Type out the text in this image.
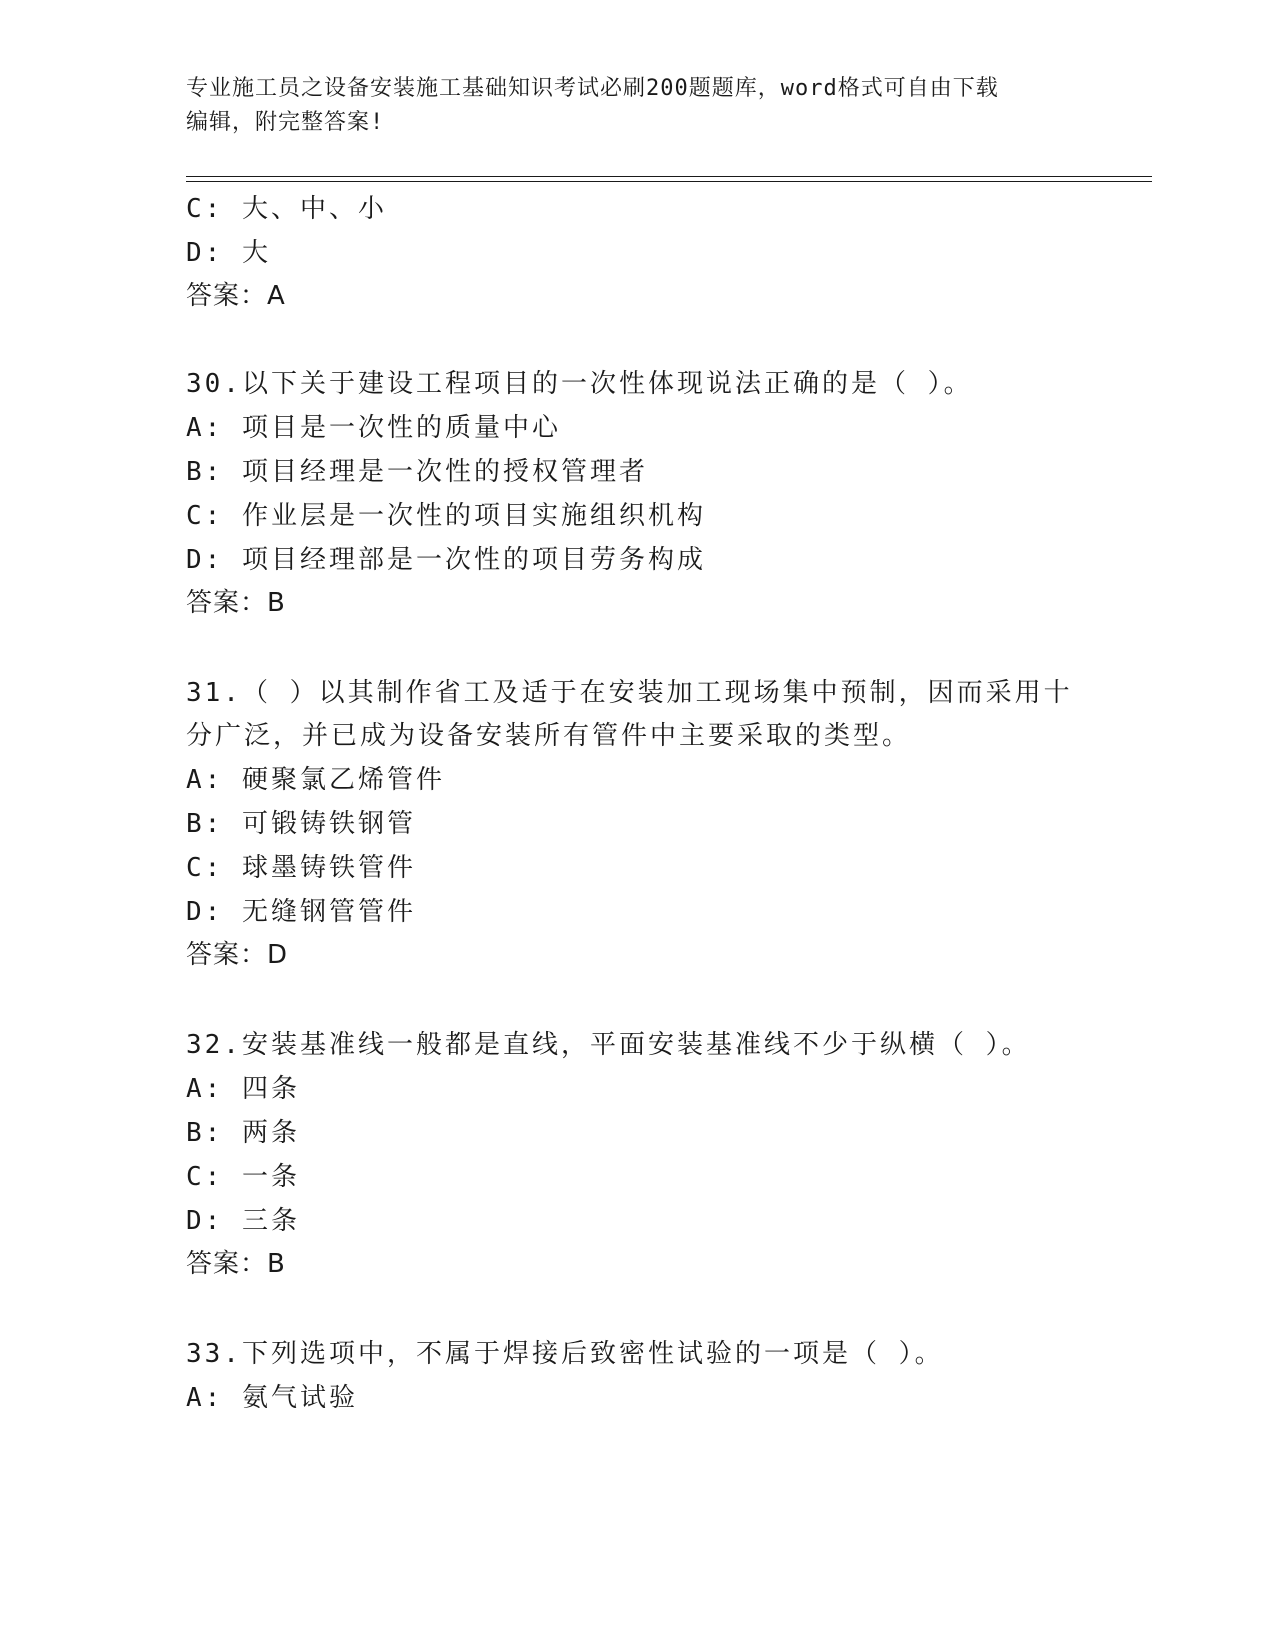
专业施工员之设备安装施工基础知识考试必刷200题题库，word格式可自由下载
编辑，附完整答案!
C: 大、中、小
D: 大
答案：A
30.以下关于建设工程项目的一次性体现说法正确的是（ ）。
A: 项目是一次性的质量中心
B: 项目经理是一次性的授权管理者
C: 作业层是一次性的项目实施组织机构
D: 项目经理部是一次性的项目劳务构成
答案：B
31.（ ）以其制作省工及适于在安装加工现场集中预制，因而采用十
分广泛，并已成为设备安装所有管件中主要采取的类型。
A: 硬聚氯乙烯管件
B: 可锻铸铁钢管
C: 球墨铸铁管件
D: 无缝钢管管件
答案：D
32.安装基准线一般都是直线，平面安装基准线不少于纵横（ ）。
A: 四条
B: 两条
C: 一条
D: 三条
答案：B
33.下列选项中，不属于焊接后致密性试验的一项是（ ）。
A: 氨气试验
